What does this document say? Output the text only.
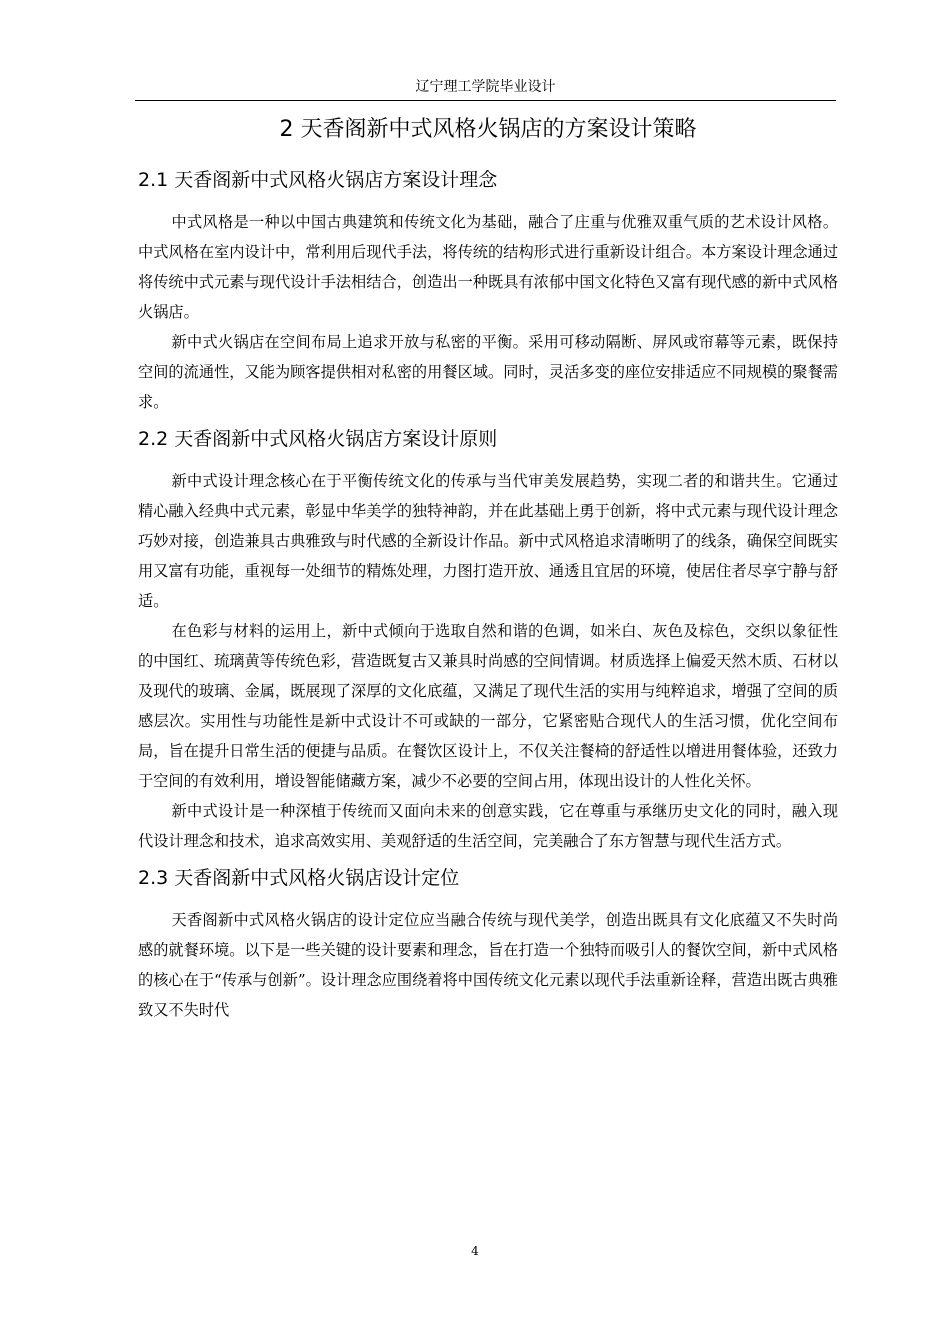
辽宁理工学院毕业设计
2 天香阁新中式风格火锅店的方案设计策略
2.1 天香阁新中式风格火锅店方案设计理念

中式风格是一种以中国古典建筑和传统文化为基础，融合了庄重与优雅双重气质的艺术设计风格。中式风格在室内设计中，常利用后现代手法，将传统的结构形式进行重新设计组合。本方案设计理念通过将传统中式元素与现代设计手法相结合，创造出一种既具有浓郁中国文化特色又富有现代感的新中式风格火锅店。

新中式火锅店在空间布局上追求开放与私密的平衡。采用可移动隔断、屏风或帘幕等元素，既保持空间的流通性，又能为顾客提供相对私密的用餐区域。同时，灵活多变的座位安排适应不同规模的聚餐需求。

2.2 天香阁新中式风格火锅店方案设计原则

新中式设计理念核心在于平衡传统文化的传承与当代审美发展趋势，实现二者的和谐共生。它通过精心融入经典中式元素，彰显中华美学的独特神韵，并在此基础上勇于创新，将中式元素与现代设计理念巧妙对接，创造兼具古典雅致与时代感的全新设计作品。新中式风格追求清晰明了的线条，确保空间既实用又富有功能，重视每一处细节的精炼处理，力图打造开放、通透且宜居的环境，使居住者尽享宁静与舒适。

在色彩与材料的运用上，新中式倾向于选取自然和谐的色调，如米白、灰色及棕色，交织以象征性的中国红、琉璃黄等传统色彩，营造既复古又兼具时尚感的空间情调。材质选择上偏爱天然木质、石材以及现代的玻璃、金属，既展现了深厚的文化底蕴，又满足了现代生活的实用与纯粹追求，增强了空间的质感层次。实用性与功能性是新中式设计不可或缺的一部分，它紧密贴合现代人的生活习惯，优化空间布局，旨在提升日常生活的便捷与品质。在餐饮区设计上，不仅关注餐椅的舒适性以增进用餐体验，还致力于空间的有效利用，增设智能储藏方案，减少不必要的空间占用，体现出设计的人性化关怀。

新中式设计是一种深植于传统而又面向未来的创意实践，它在尊重与承继历史文化的同时，融入现代设计理念和技术，追求高效实用、美观舒适的生活空间，完美融合了东方智慧与现代生活方式。

2.3 天香阁新中式风格火锅店设计定位

天香阁新中式风格火锅店的设计定位应当融合传统与现代美学，创造出既具有文化底蕴又不失时尚感的就餐环境。以下是一些关键的设计要素和理念，旨在打造一个独特而吸引人的餐饮空间，新中式风格的核心在于“传承与创新”。设计理念应围绕着将中国传统文化元素以现代手法重新诠释，营造出既古典雅致又不失时代

4
